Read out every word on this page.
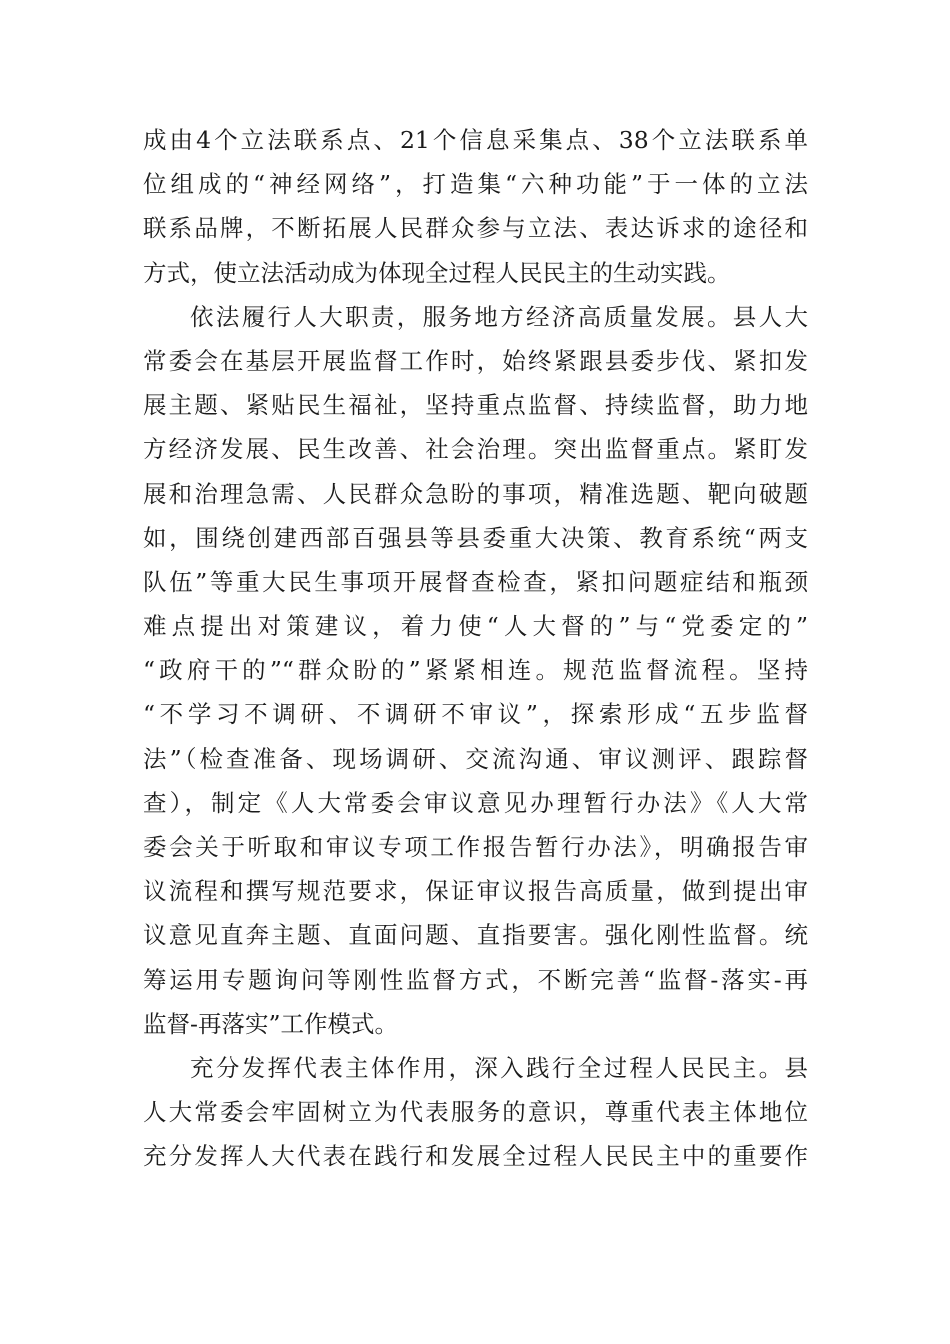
成由4个立法联系点、21个信息采集点、38个立法联系单
位组成的“神经网络”，打造集“六种功能”于一体的立法
联系品牌，不断拓展人民群众参与立法、表达诉求的途径和
方式，使立法活动成为体现全过程人民民主的生动实践。
依法履行人大职责，服务地方经济高质量发展。县人大
常委会在基层开展监督工作时，始终紧跟县委步伐、紧扣发
展主题、紧贴民生福祉，坚持重点监督、持续监督，助力地
方经济发展、民生改善、社会治理。突出监督重点。紧盯发
展和治理急需、人民群众急盼的事项，精准选题、靶向破题
如，围绕创建西部百强县等县委重大决策、教育系统“两支
队伍”等重大民生事项开展督查检查，紧扣问题症结和瓶颈
难点提出对策建议，着力使“人大督的”与“党委定的”
“政府干的”“群众盼的”紧紧相连。规范监督流程。坚持
“不学习不调研、不调研不审议”，探索形成“五步监督
法”（检查准备、现场调研、交流沟通、审议测评、跟踪督
查），制定《人大常委会审议意见办理暂行办法》《人大常
委会关于听取和审议专项工作报告暂行办法》，明确报告审
议流程和撰写规范要求，保证审议报告高质量，做到提出审
议意见直奔主题、直面问题、直指要害。强化刚性监督。统
筹运用专题询问等刚性监督方式，不断完善“监督-落实-再
监督-再落实”工作模式。
充分发挥代表主体作用，深入践行全过程人民民主。县
人大常委会牢固树立为代表服务的意识，尊重代表主体地位
充分发挥人大代表在践行和发展全过程人民民主中的重要作
